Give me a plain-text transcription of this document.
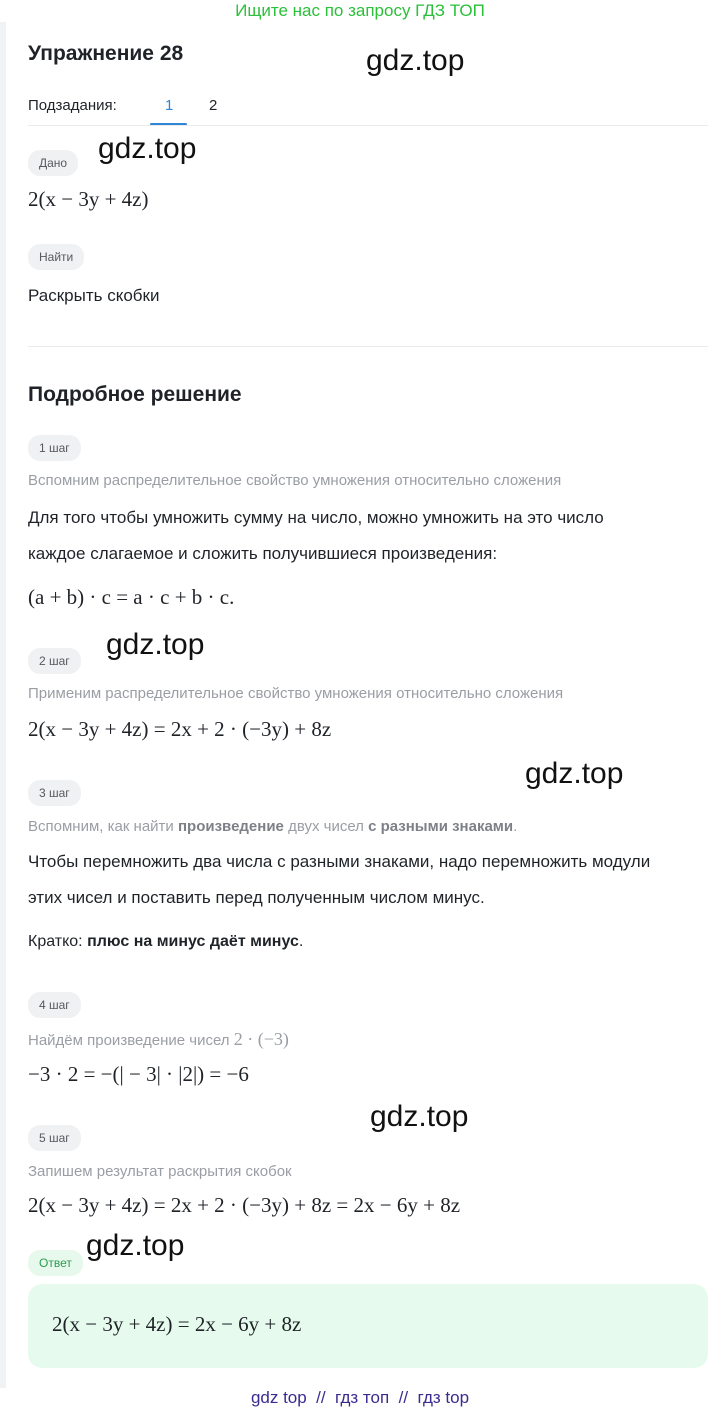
Ищите нас по запросу ГДЗ ТОП
Упражнение 28
Подзадания:	1 2
Дано
2(x − 3y + 4z)
Найти
Раскрыть скобки
Подробное решение
1 шаг
Вспомним распределительное свойство умножения относительно сложения
Для того чтобы умножить сумму на число, можно умножить на это число
каждое слагаемое и сложить получившиеся произведения:
(a + b) · c = a · c + b · c.
2 шаг
Применим распределительное свойство умножения относительно сложения
2(x − 3y + 4z) = 2x + 2 · (−3y) + 8z
3 шаг
Вспомним, как найти произведение двух чисел с разными знаками.
Чтобы перемножить два числа с разными знаками, надо перемножить модули
этих чисел и поставить перед полученным числом минус.
Кратко: плюс на минус даёт минус.
4 шаг
Найдём произведение чисел 2 · (−3)
−3 · 2 = −(| − 3| · |2|) = −6
5 шаг
Запишем результат раскрытия скобок
2(x − 3y + 4z) = 2x + 2 · (−3y) + 8z = 2x − 6y + 8z
Ответ
2(x − 3y + 4z) = 2x − 6y + 8z
gdz.top
gdz.top
gdz.top
gdz.top
gdz.top
gdz.top
gdz top  //  гдз топ  //  гдз top
